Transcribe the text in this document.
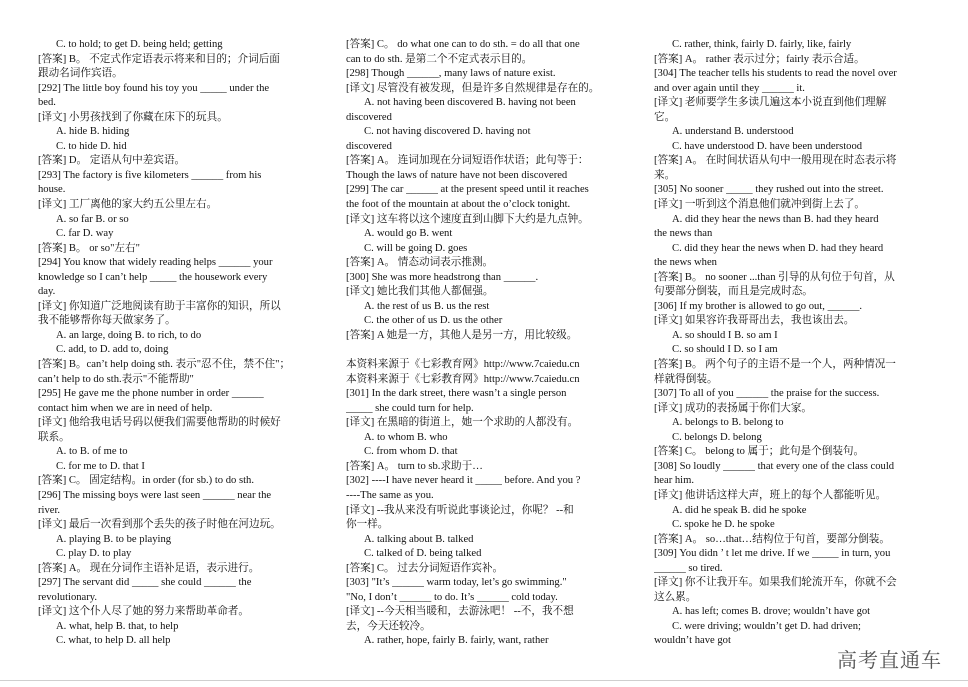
C. to hold; to get D. being held; getting
[答案] B。 不定式作定语表示将来和目的；介词后面
跟动名词作宾语。
[292] The little boy found his toy you _____ under the
bed.
[译文] 小男孩找到了你藏在床下的玩具。
A. hide B. hiding
C. to hide D. hid
[答案] D。 定语从句中差宾语。
[293] The factory is five kilometers ______ from his
house.
[译文] 工厂离他的家大约五公里左右。
A. so far B. or so
C. far D. way
[答案] B。 or so"左右"
[294] You know that widely reading helps ______ your
knowledge so I can’t help _____ the housework every
day.
[译文] 你知道广泛地阅读有助于丰富你的知识，所以
我不能够帮你每天做家务了。
A. an large, doing B. to rich, to do
C. add, to D. add to, doing
[答案] B。can’t help doing sth. 表示"忍不住，禁不住"；
can’t help to do sth.表示"不能帮助"
[295] He gave me the phone number in order ______
contact him when we are in need of help.
[译文] 他给我电话号码以便我们需要他帮助的时候好
联系。
A. to B. of me to
C. for me to D. that I
[答案] C。 固定结构。in order (for sb.) to do sth.
[296] The missing boys were last seen ______ near the
river.
[译文] 最后一次看到那个丢失的孩子时他在河边玩。
A. playing B. to be playing
C. play D. to play
[答案] A。 现在分词作主语补足语，表示进行。
[297] The servant did _____ she could ______ the
revolutionary.
[译文] 这个仆人尽了她的努力来帮助革命者。
A. what, help B. that, to help
C. what, to help D. all help
[答案] C。 do what one can to do sth. = do all that one
can to do sth. 是第二个不定式表示目的。
[298] Though ______, many laws of nature exist.
[译文] 尽管没有被发现，但是许多自然规律是存在的。
A. not having been discovered B. having not been
discovered
C. not having discovered D. having not
discovered
[答案] A。 连词加现在分词短语作状语；此句等于：
Though the laws of nature have not been discovered
[299] The car ______ at the present speed until it reaches
the foot of the mountain at about the o’clock tonight.
[译文] 这车将以这个速度直到山脚下大约是九点钟。
A. would go B. went
C. will be going D. goes
[答案] A。 情态动词表示推测。
[300] She was more headstrong than ______.
[译文] 她比我们其他人都倔强。
A. the rest of us B. us the rest
C. the other of us D. us the other
[答案] A 她是一方，其他人是另一方，用比较级。
本资料来源于《七彩教育网》http://www.7caiedu.cn
本资料来源于《七彩教育网》http://www.7caiedu.cn
[301] In the dark street, there wasn’t a single person
_____ she could turn for help.
[译文] 在黑暗的街道上，她一个求助的人都没有。
A. to whom B. who
C. from whom D. that
[答案] A。 turn to sb.求助于…
[302] ----I have never heard it _____ before. And you ?
----The same as you.
[译文] --我从来没有听说此事谈论过，你呢？ --和
你一样。
A. talking about B. talked
C. talked of D. being talked
[答案] C。 过去分词短语作宾补。
[303] "It’s ______ warm today, let’s go swimming."
"No, I don’t ______ to do. It’s ______ cold today.
[译文] --今天相当暖和，去游泳吧！ --不，我不想
去，今天还较冷。
A. rather, hope, fairly B. fairly, want, rather
C. rather, think, fairly D. fairly, like, fairly
[答案] A。 rather 表示过分；fairly 表示合适。
[304] The teacher tells his students to read the novel over
and over again until they ______ it.
[译文] 老师要学生多读几遍这本小说直到他们理解
它。
A. understand B. understood
C. have understood D. have been understood
[答案] A。 在时间状语从句中一般用现在时态表示将
来。
[305] No sooner _____ they rushed out into the street.
[译文] 一听到这个消息他们就冲到街上去了。
A. did they hear the news than B. had they heard
the news than
C. did they hear the news when D. had they heard
the news when
[答案] B。 no sooner ...than 引导的从句位于句首，从
句要部分倒装，而且是完成时态。
[306] If my brother is allowed to go out, ______.
[译文] 如果容许我哥哥出去，我也该出去。
A. so should I B. so am I
C. so should I D. so I am
[答案] B。 两个句子的主语不是一个人，两种情况一
样就得倒装。
[307] To all of you ______ the praise for the success.
[译文] 成功的表扬属于你们大家。
A. belongs to B. belong to
C. belongs D. belong
[答案] C。 belong to 属于；此句是个倒装句。
[308] So loudly ______ that every one of the class could
hear him.
[译文] 他讲话这样大声，班上的每个人都能听见。
A. did he speak B. did he spoke
C. spoke he D. he spoke
[答案] A。 so…that…结构位于句首，要部分倒装。
[309] You didn ’ t let me drive. If we _____ in turn, you
______ so tired.
[译文] 你不让我开车。如果我们轮流开车，你就不会
这么累。
A. has left; comes B. drove; wouldn’t have got
C. were driving; wouldn’t get D. had driven;
wouldn’t have got
高考直通车
